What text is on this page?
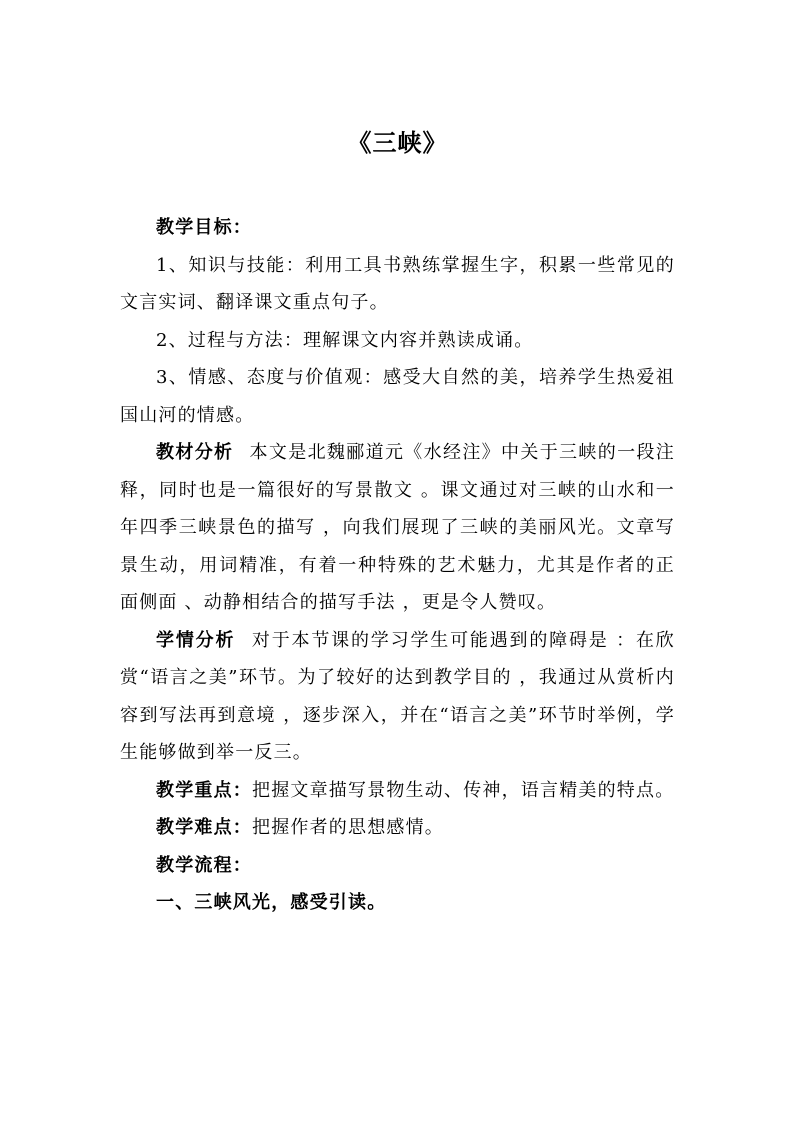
《三峡》

教学目标：

1、知识与技能：利用工具书熟练掌握生字，积累一些常见的文言实词、翻译课文重点句子。

2、过程与方法：理解课文内容并熟读成诵。

3、情感、态度与价值观：感受大自然的美，培养学生热爱祖国山河的情感。

教材分析 本文是北魏郦道元《水经注》中关于三峡的一段注释，同时也是一篇很好的写景散文 。课文通过对三峡的山水和一年四季三峡景色的描写 ，向我们展现了三峡的美丽风光。文章写景生动，用词精准，有着一种特殊的艺术魅力，尤其是作者的正面侧面 、动静相结合的描写手法 ，更是令人赞叹。

学情分析 对于本节课的学习学生可能遇到的障碍是 ：在欣赏“语言之美”环节。为了较好的达到教学目的 ，我通过从赏析内容到写法再到意境 ，逐步深入，并在“语言之美”环节时举例，学生能够做到举一反三。

教学重点：把握文章描写景物生动、传神，语言精美的特点。

教学难点：把握作者的思想感情。

教学流程：

一、三峡风光，感受引读。
